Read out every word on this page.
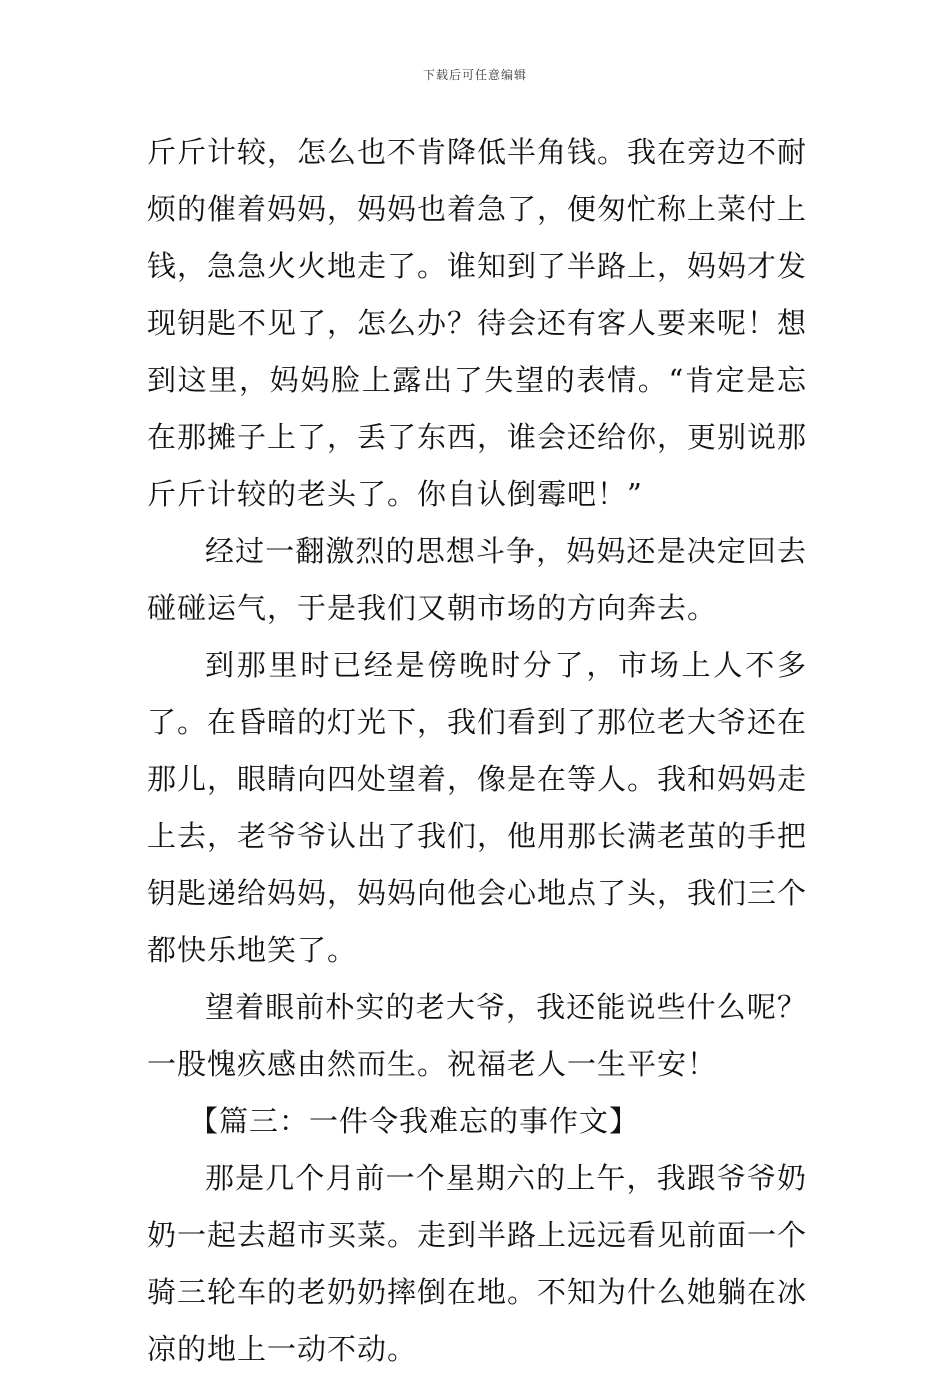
下载后可任意编辑

斤斤计较，怎么也不肯降低半角钱。我在旁边不耐烦的催着妈妈，妈妈也着急了，便匆忙称上菜付上钱，急急火火地走了。谁知到了半路上，妈妈才发现钥匙不见了，怎么办？待会还有客人要来呢！想到这里，妈妈脸上露出了失望的表情。“肯定是忘在那摊子上了，丢了东西，谁会还给你，更别说那斤斤计较的老头了。你自认倒霉吧！”

经过一翻激烈的思想斗争，妈妈还是决定回去碰碰运气，于是我们又朝市场的方向奔去。

到那里时已经是傍晚时分了，市场上人不多了。在昏暗的灯光下，我们看到了那位老大爷还在那儿，眼睛向四处望着，像是在等人。我和妈妈走上去，老爷爷认出了我们，他用那长满老茧的手把钥匙递给妈妈，妈妈向他会心地点了头，我们三个都快乐地笑了。

望着眼前朴实的老大爷，我还能说些什么呢？一股愧疚感由然而生。祝福老人一生平安！

【篇三：一件令我难忘的事作文】

那是几个月前一个星期六的上午，我跟爷爷奶奶一起去超市买菜。走到半路上远远看见前面一个骑三轮车的老奶奶摔倒在地。不知为什么她躺在冰凉的地上一动不动。
